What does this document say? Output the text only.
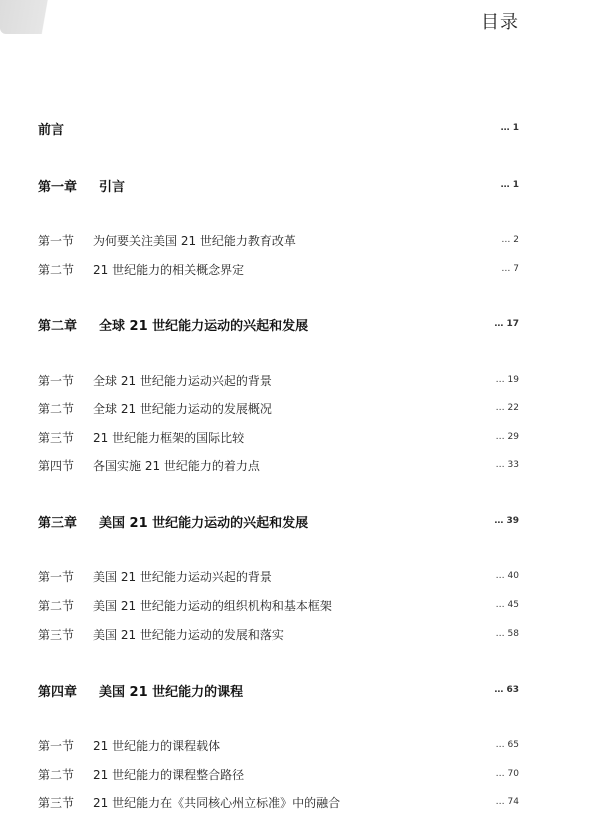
目录
前言	… 1
第一章	引言	… 1
第一节	为何要关注美国 21 世纪能力教育改革	… 2
第二节	21 世纪能力的相关概念界定	… 7
第二章	全球 21 世纪能力运动的兴起和发展	… 17
第一节	全球 21 世纪能力运动兴起的背景	… 19
第二节	全球 21 世纪能力运动的发展概况	… 22
第三节	21 世纪能力框架的国际比较	… 29
第四节	各国实施 21 世纪能力的着力点	… 33
第三章	美国 21 世纪能力运动的兴起和发展	… 39
第一节	美国 21 世纪能力运动兴起的背景	… 40
第二节	美国 21 世纪能力运动的组织机构和基本框架	… 45
第三节	美国 21 世纪能力运动的发展和落实	… 58
第四章	美国 21 世纪能力的课程	… 63
第一节	21 世纪能力的课程载体	… 65
第二节	21 世纪能力的课程整合路径	… 70
第三节	21 世纪能力在《共同核心州立标准》中的融合	… 74
